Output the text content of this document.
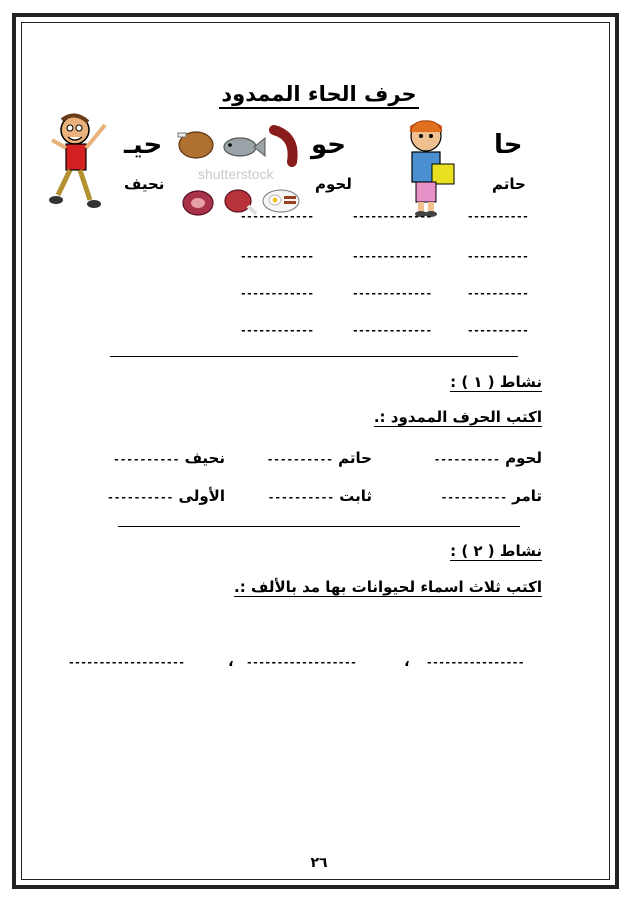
حرف الحاء الممدود
حا
حو
حيـ
حاتم
لحوم
نحيف
shutterstock
----------
-------------
------------
----------
-------------
------------
----------
-------------
------------
----------
-------------
------------
نشاط ( ١ ) :
اكتب الحرف الممدود :.
لحوم ----------
حاتم ----------
نحيف ----------
تامر ----------
ثابت ----------
الأولى ----------
نشاط ( ٢ ) :
اكتب ثلاث اسماء لحيوانات بها مد بالألف :.
----------------
،
------------------
،
-------------------
٢٦
